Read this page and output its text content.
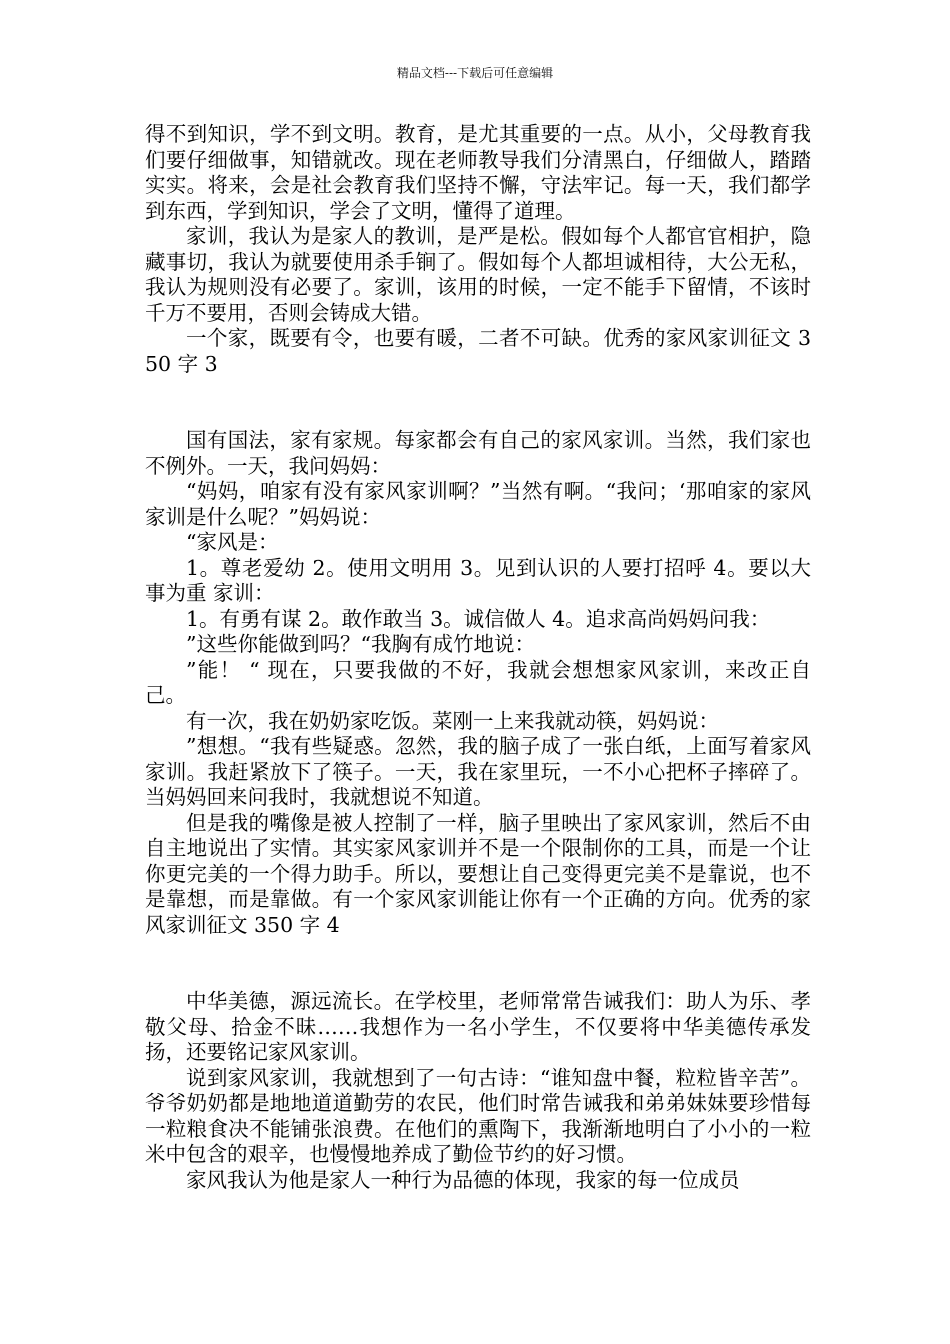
精品文档---下载后可任意编辑

得不到知识，学不到文明。教育，是尤其重要的一点。从小，父母教育我们要仔细做事，知错就改。现在老师教导我们分清黑白，仔细做人，踏踏实实。将来，会是社会教育我们坚持不懈，守法牢记。每一天，我们都学到东西，学到知识，学会了文明，懂得了道理。

家训，我认为是家人的教训，是严是松。假如每个人都官官相护，隐藏事切，我认为就要使用杀手锏了。假如每个人都坦诚相待，大公无私，我认为规则没有必要了。家训，该用的时候，一定不能手下留情，不该时千万不要用，否则会铸成大错。

一个家，既要有令，也要有暖，二者不可缺。优秀的家风家训征文 350 字 3

国有国法，家有家规。每家都会有自己的家风家训。当然，我们家也不例外。一天，我问妈妈：

“妈妈，咱家有没有家风家训啊？”当然有啊。“我问；‘那咱家的家风家训是什么呢？”妈妈说：

“家风是：

1。尊老爱幼 2。使用文明用 3。见到认识的人要打招呼 4。要以大事为重 家训：

1。有勇有谋 2。敢作敢当 3。诚信做人 4。追求高尚妈妈问我：

”这些你能做到吗？“我胸有成竹地说：

”能！ “ 现在，只要我做的不好，我就会想想家风家训，来改正自己。

有一次，我在奶奶家吃饭。菜刚一上来我就动筷，妈妈说：

”想想。“我有些疑惑。忽然，我的脑子成了一张白纸，上面写着家风家训。我赶紧放下了筷子。一天，我在家里玩，一不小心把杯子摔碎了。当妈妈回来问我时，我就想说不知道。

但是我的嘴像是被人控制了一样，脑子里映出了家风家训，然后不由自主地说出了实情。其实家风家训并不是一个限制你的工具，而是一个让你更完美的一个得力助手。所以，要想让自己变得更完美不是靠说，也不是靠想，而是靠做。有一个家风家训能让你有一个正确的方向。优秀的家风家训征文 350 字 4

中华美德，源远流长。在学校里，老师常常告诫我们：助人为乐、孝敬父母、拾金不昧……我想作为一名小学生，不仅要将中华美德传承发扬，还要铭记家风家训。

说到家风家训，我就想到了一句古诗：“谁知盘中餐，粒粒皆辛苦”。爷爷奶奶都是地地道道勤劳的农民，他们时常告诫我和弟弟妹妹要珍惜每一粒粮食决不能铺张浪费。在他们的熏陶下，我渐渐地明白了小小的一粒米中包含的艰辛，也慢慢地养成了勤俭节约的好习惯。

家风我认为他是家人一种行为品德的体现，我家的每一位成员
